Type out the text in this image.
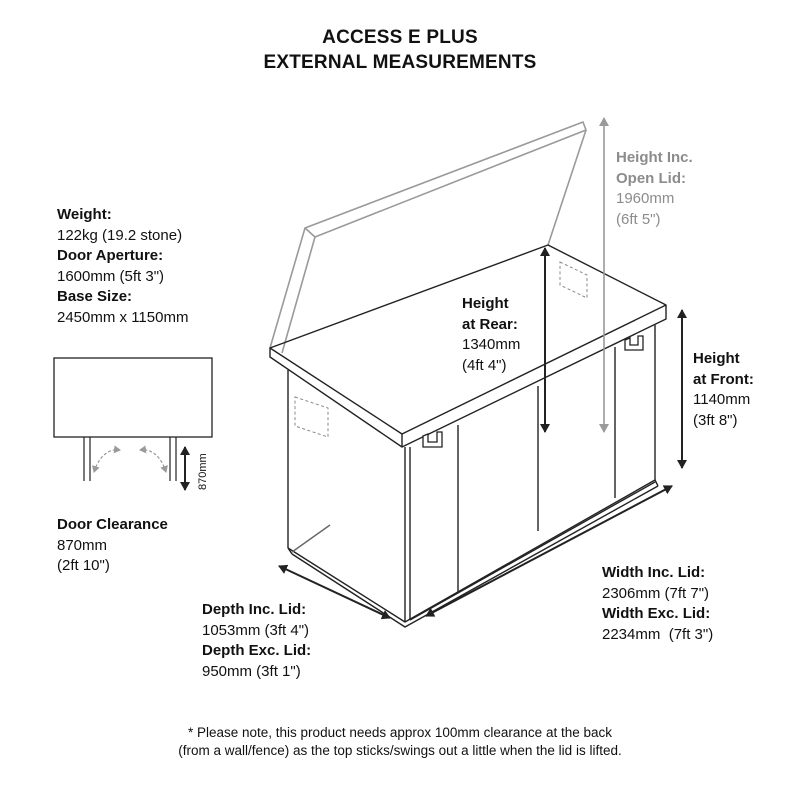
ACCESS E PLUS
EXTERNAL MEASUREMENTS
870mm
Weight:
122kg (19.2 stone)
Door Aperture:
1600mm (5ft 3")
Base Size:
2450mm x 1150mm
Door Clearance
870mm
(2ft 10")
Height Inc.
Open Lid:
1960mm
(6ft 5")
Height
at Rear:
1340mm
(4ft 4")	Height
at Front:
1140mm
(3ft 8")
Width Inc. Lid:
2306mm (7ft 7")
Width Exc. Lid:
2234mm  (7ft 3")
Depth Inc. Lid:
1053mm (3ft 4")
Depth Exc. Lid:
950mm (3ft 1")
* Please note, this product needs approx 100mm clearance at the back
(from a wall/fence) as the top sticks/swings out a little when the lid is lifted.
